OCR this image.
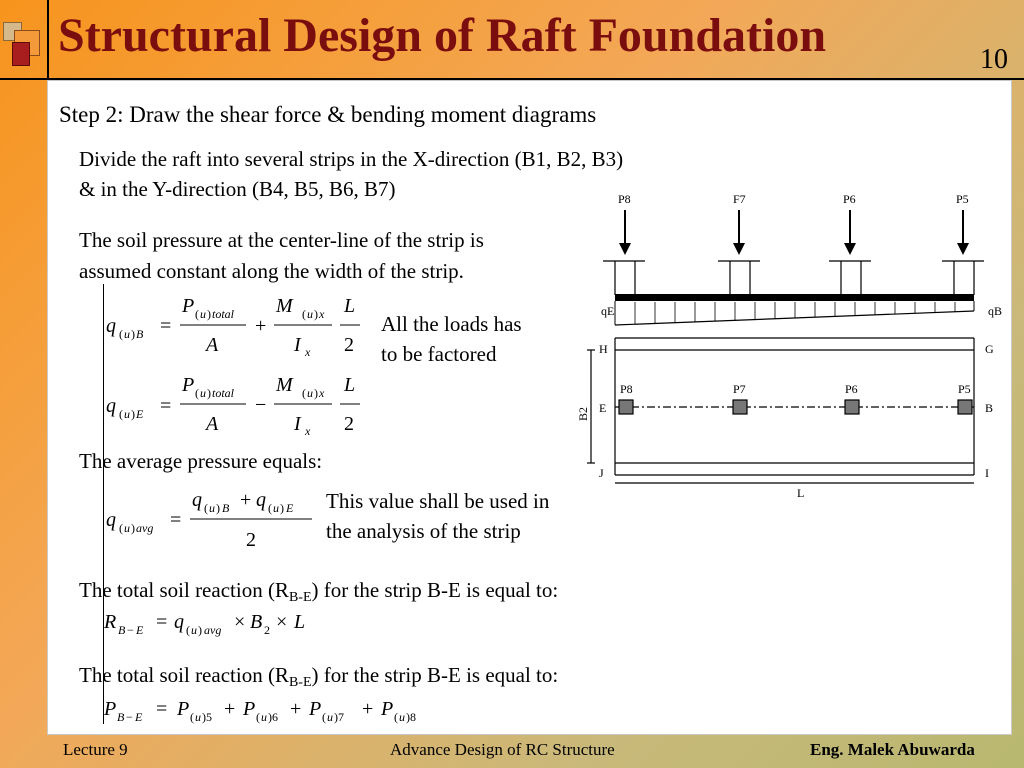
Structural Design of Raft Foundation	10
Step 2: Draw the shear force & bending moment diagrams
Divide the raft into several strips in the X-direction (B1, B2, B3)
& in the Y-direction (B4, B5, B6, B7)
The soil pressure at the center-line of the strip is
assumed constant along the width of the strip.
q ( u ) B =
P ( u ) total
A
+
M ( u ) x
I x
L
2
All the loads has
to be factored
q ( u ) E =
P ( u ) total
A
−
M ( u ) x
I x
L
2
The average pressure equals:
q ( u ) avg =
q ( u ) B + q ( u ) E
2
This value shall be used in
the analysis of the strip
The total soil reaction $(R_{B-E})$ for the strip B-E is equal to:
R B − E = q ( u ) avg × B 2 × L
The total soil reaction $(R_{B-E})$ for the strip B-E is equal to:
P B − E = P ( u )5 + P ( u )6 + P ( u )7 + P ( u )8
P8	F7	P6	P5
qE	qB
P8	P7	P6	P5
H	G
E	B
J	I
B2
L
Lecture 9	Advance Design of RC Structure	Eng. Malek Abuwarda
